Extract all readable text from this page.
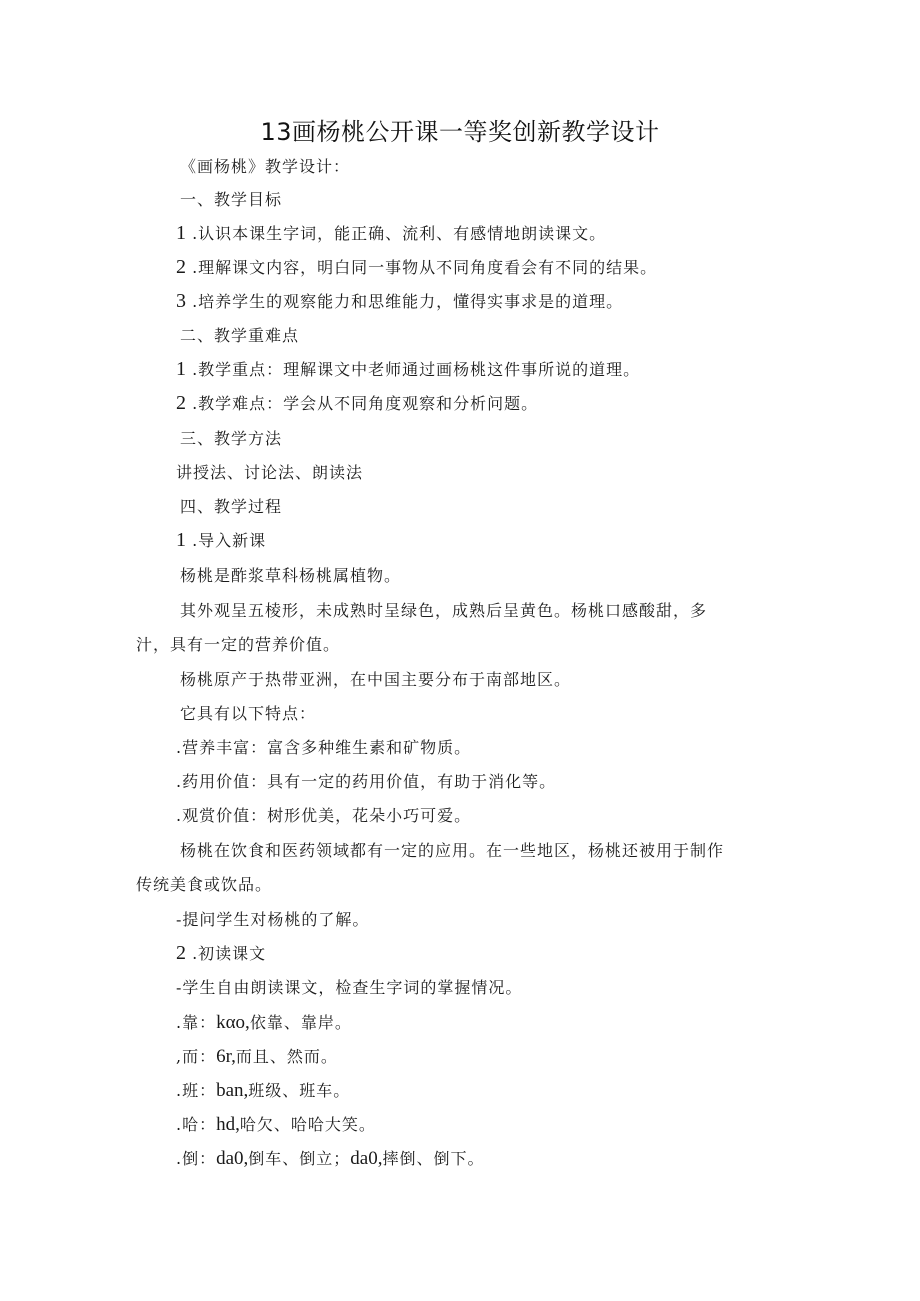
13画杨桃公开课一等奖创新教学设计
《画杨桃》教学设计：
一、教学目标
1 .认识本课生字词，能正确、流利、有感情地朗读课文。
2 .理解课文内容，明白同一事物从不同角度看会有不同的结果。
3 .培养学生的观察能力和思维能力，懂得实事求是的道理。
二、教学重难点
1 .教学重点：理解课文中老师通过画杨桃这件事所说的道理。
2 .教学难点：学会从不同角度观察和分析问题。
三、教学方法
讲授法、讨论法、朗读法
四、教学过程
1 .导入新课
杨桃是酢浆草科杨桃属植物。
其外观呈五棱形，未成熟时呈绿色，成熟后呈黄色。杨桃口感酸甜，多
汁，具有一定的营养价值。
杨桃原产于热带亚洲，在中国主要分布于南部地区。
它具有以下特点：
.营养丰富：富含多种维生素和矿物质。
.药用价值：具有一定的药用价值，有助于消化等。
.观赏价值：树形优美，花朵小巧可爱。
杨桃在饮食和医药领域都有一定的应用。在一些地区，杨桃还被用于制作
传统美食或饮品。
-提问学生对杨桃的了解。
2 .初读课文
-学生自由朗读课文，检查生字词的掌握情况。
.靠：kαo,依靠、靠岸。
,而：6r,而且、然而。
.班：ban,班级、班车。
.哈：hd,哈欠、哈哈大笑。
.倒：da0,倒车、倒立；da0,摔倒、倒下。
